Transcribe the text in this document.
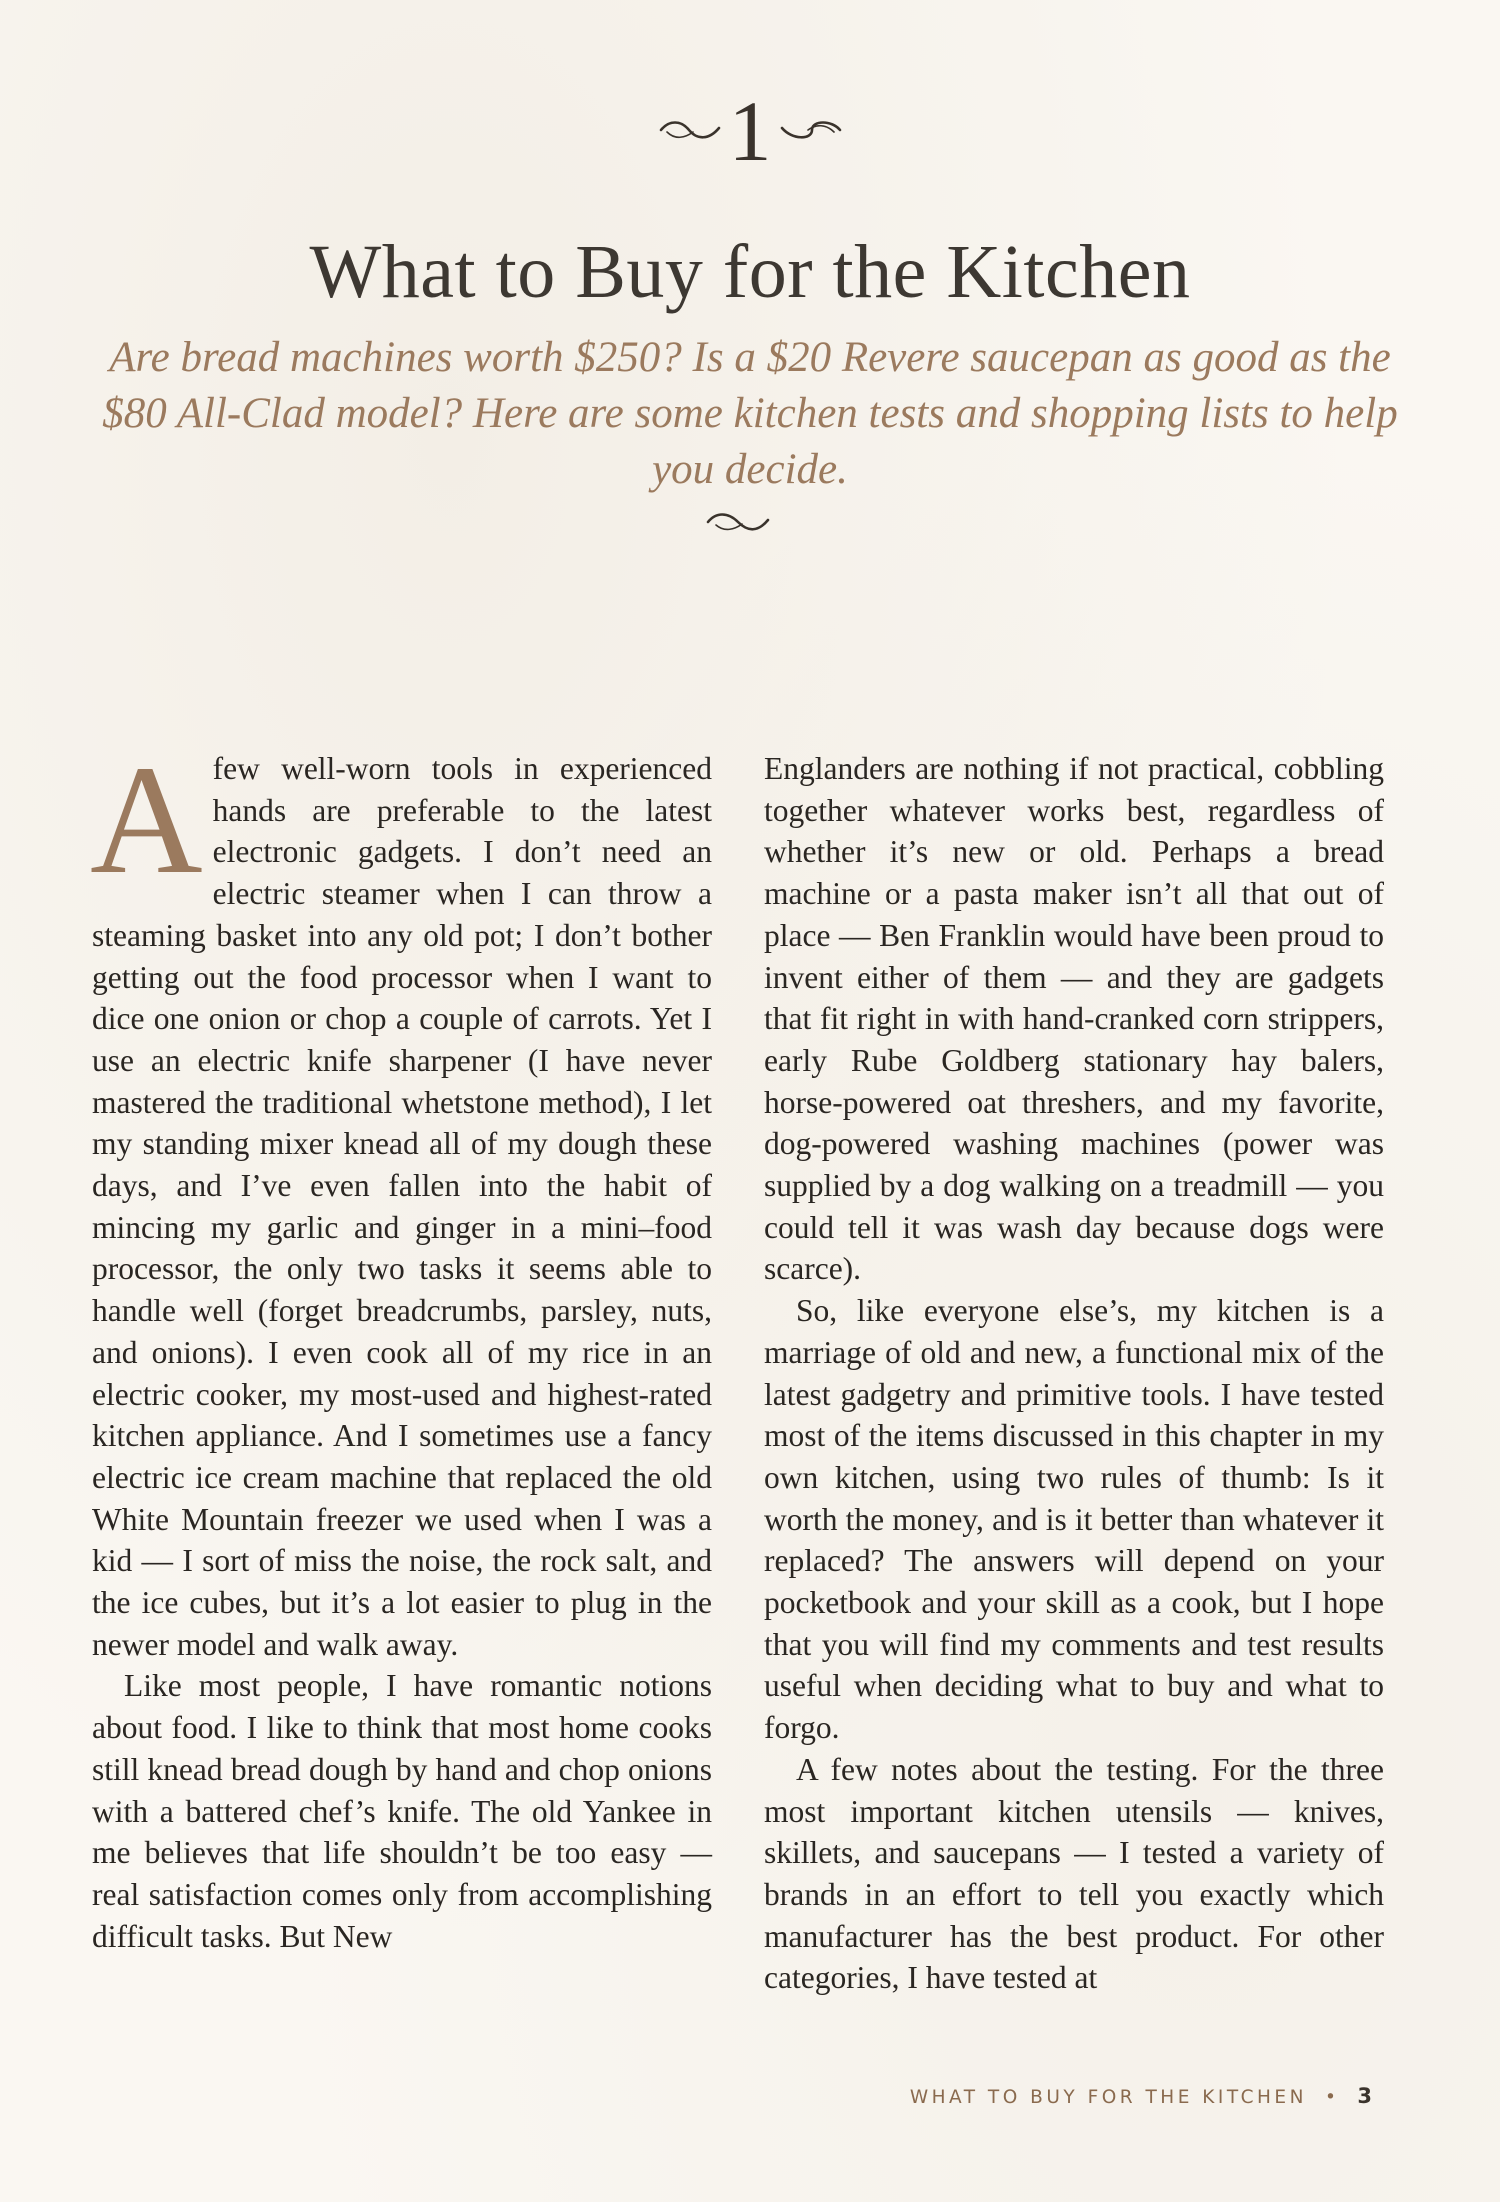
1
What to Buy for the Kitchen
Are bread machines worth $250? Is a $20 Revere saucepan as good as the $80 All-Clad model? Here are some kitchen tests and shopping lists to help you decide.

Afew well-worn tools in experienced hands are preferable to the latest electronic gadgets. I don’t need an electric steamer when I can throw a steaming basket into any old pot; I don’t bother getting out the food processor when I want to dice one onion or chop a couple of carrots. Yet I use an electric knife sharpener (I have never mastered the traditional whetstone method), I let my standing mixer knead all of my dough these days, and I’ve even fallen into the habit of mincing my garlic and ginger in a mini–food processor, the only two tasks it seems able to handle well (forget breadcrumbs, parsley, nuts, and onions). I even cook all of my rice in an electric cooker, my most-used and highest-rated kitchen appliance. And I sometimes use a fancy electric ice cream machine that replaced the old White Mountain freezer we used when I was a kid — I sort of miss the noise, the rock salt, and the ice cubes, but it’s a lot easier to plug in the newer model and walk away.

Like most people, I have romantic notions about food. I like to think that most home cooks still knead bread dough by hand and chop onions with a battered chef’s knife. The old Yankee in me believes that life shouldn’t be too easy — real satisfaction comes only from accomplishing difficult tasks. But New

Englanders are nothing if not practical, cobbling together whatever works best, regardless of whether it’s new or old. Perhaps a bread machine or a pasta maker isn’t all that out of place — Ben Franklin would have been proud to invent either of them — and they are gadgets that fit right in with hand-cranked corn strippers, early Rube Goldberg stationary hay balers, horse-powered oat threshers, and my favorite, dog-powered washing machines (power was supplied by a dog walking on a treadmill — you could tell it was wash day because dogs were scarce).

So, like everyone else’s, my kitchen is a marriage of old and new, a functional mix of the latest gadgetry and primitive tools. I have tested most of the items discussed in this chapter in my own kitchen, using two rules of thumb: Is it worth the money, and is it better than whatever it replaced? The answers will depend on your pocketbook and your skill as a cook, but I hope that you will find my comments and test results useful when deciding what to buy and what to forgo.

A few notes about the testing. For the three most important kitchen utensils — knives, skillets, and saucepans — I tested a variety of brands in an effort to tell you exactly which manufacturer has the best product. For other categories, I have tested at

WHAT TO BUY FOR THE KITCHEN • 3
